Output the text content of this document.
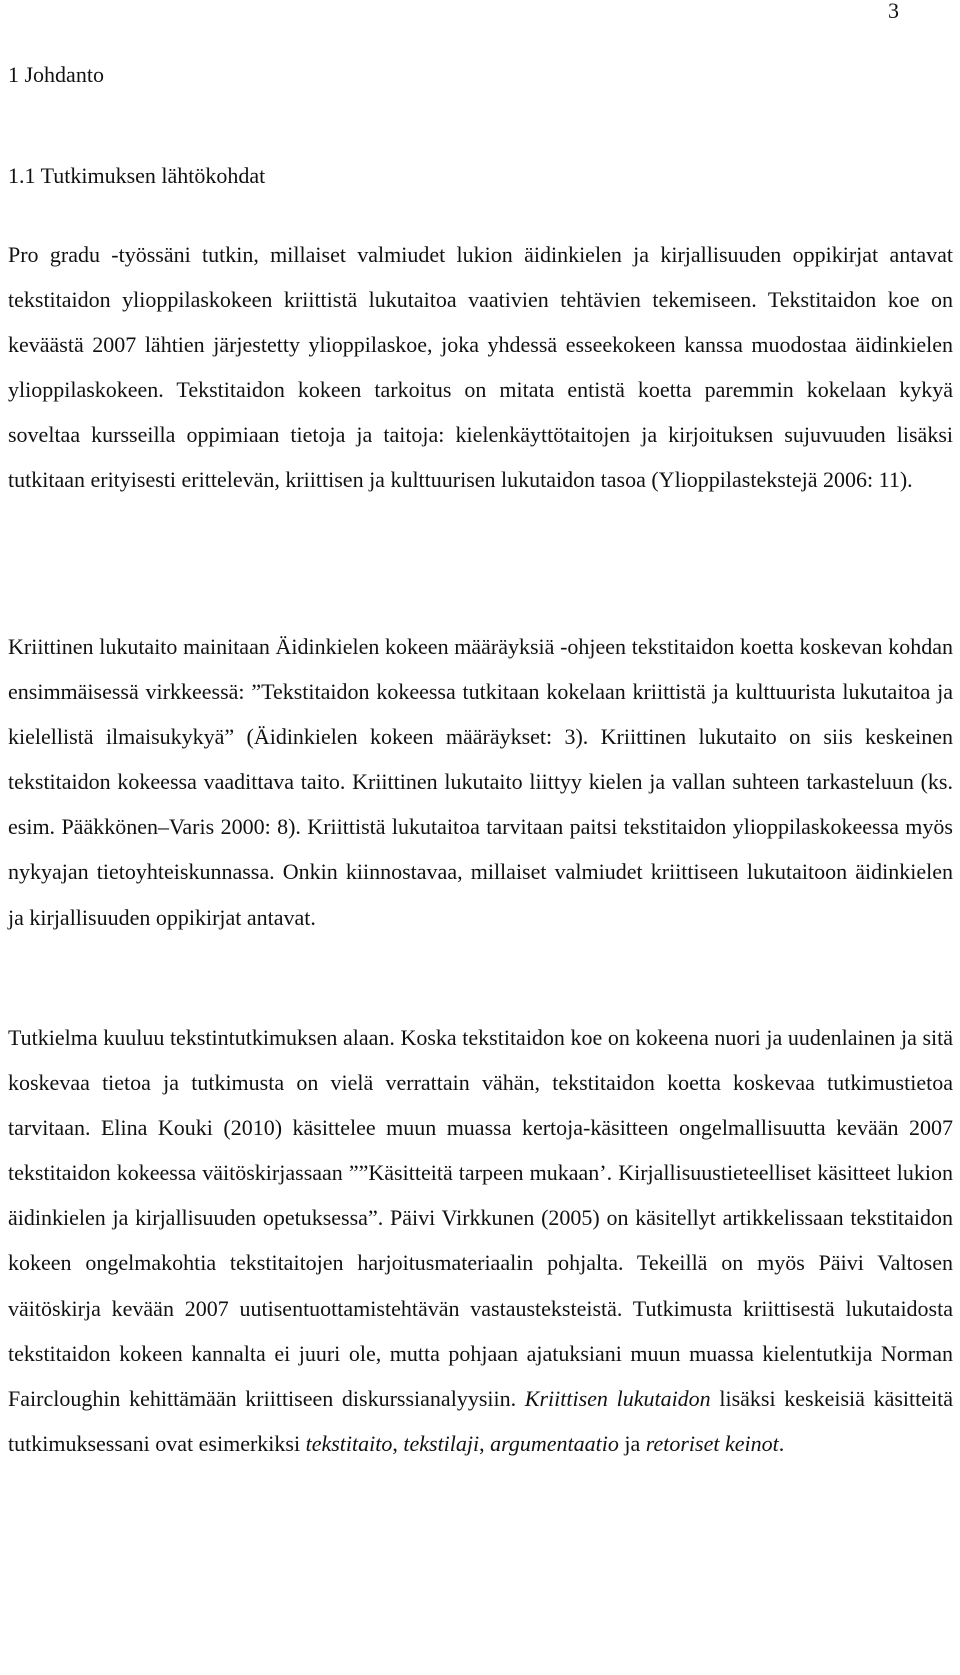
3
1 Johdanto
1.1 Tutkimuksen lähtökohdat

Pro gradu -työssäni tutkin, millaiset valmiudet lukion äidinkielen ja kirjallisuuden oppikirjat antavat tekstitaidon ylioppilaskokeen kriittistä lukutaitoa vaativien tehtävien tekemiseen. Tekstitaidon koe on keväästä 2007 lähtien järjestetty ylioppilaskoe, joka yhdessä esseekokeen kanssa muodostaa äidinkielen ylioppilaskokeen. Tekstitaidon kokeen tarkoitus on mitata entistä koetta paremmin kokelaan kykyä soveltaa kursseilla oppimiaan tietoja ja taitoja: kielenkäyttötaitojen ja kirjoituksen sujuvuuden lisäksi tutkitaan erityisesti erittelevän, kriittisen ja kulttuurisen lukutaidon tasoa (Ylioppilastekstejä 2006: 11).

Kriittinen lukutaito mainitaan Äidinkielen kokeen määräyksiä -ohjeen tekstitaidon koetta koskevan kohdan ensimmäisessä virkkeessä: ”Tekstitaidon kokeessa tutkitaan kokelaan kriittistä ja kulttuurista lukutaitoa ja kielellistä ilmaisukykyä” (Äidinkielen kokeen määräykset: 3). Kriittinen lukutaito on siis keskeinen tekstitaidon kokeessa vaadittava taito. Kriittinen lukutaito liittyy kielen ja vallan suhteen tarkasteluun (ks. esim. Pääkkönen–Varis 2000: 8). Kriittistä lukutaitoa tarvitaan paitsi tekstitaidon ylioppilaskokeessa myös nykyajan tietoyhteiskunnassa. Onkin kiinnostavaa, millaiset valmiudet kriittiseen lukutaitoon äidinkielen ja kirjallisuuden oppikirjat antavat.

Tutkielma kuuluu tekstintutkimuksen alaan. Koska tekstitaidon koe on kokeena nuori ja uudenlainen ja sitä koskevaa tietoa ja tutkimusta on vielä verrattain vähän, tekstitaidon koetta koskevaa tutkimustietoa tarvitaan. Elina Kouki (2010) käsittelee muun muassa kertoja-käsitteen ongelmallisuutta kevään 2007 tekstitaidon kokeessa väitöskirjassaan ””Käsitteitä tarpeen mukaan’. Kirjallisuustieteelliset käsitteet lukion äidinkielen ja kirjallisuuden opetuksessa”. Päivi Virkkunen (2005) on käsitellyt artikkelissaan tekstitaidon kokeen ongelmakohtia tekstitaitojen harjoitusmateriaalin pohjalta. Tekeillä on myös Päivi Valtosen väitöskirja kevään 2007 uutisentuottamistehtävän vastausteksteistä. Tutkimusta kriittisestä lukutaidosta tekstitaidon kokeen kannalta ei juuri ole, mutta pohjaan ajatuksiani muun muassa kielentutkija Norman Faircloughin kehittämään kriittiseen diskurssianalyysiin. Kriittisen lukutaidon lisäksi keskeisiä käsitteitä tutkimuksessani ovat esimerkiksi tekstitaito, tekstilaji, argumentaatio ja retoriset keinot.
